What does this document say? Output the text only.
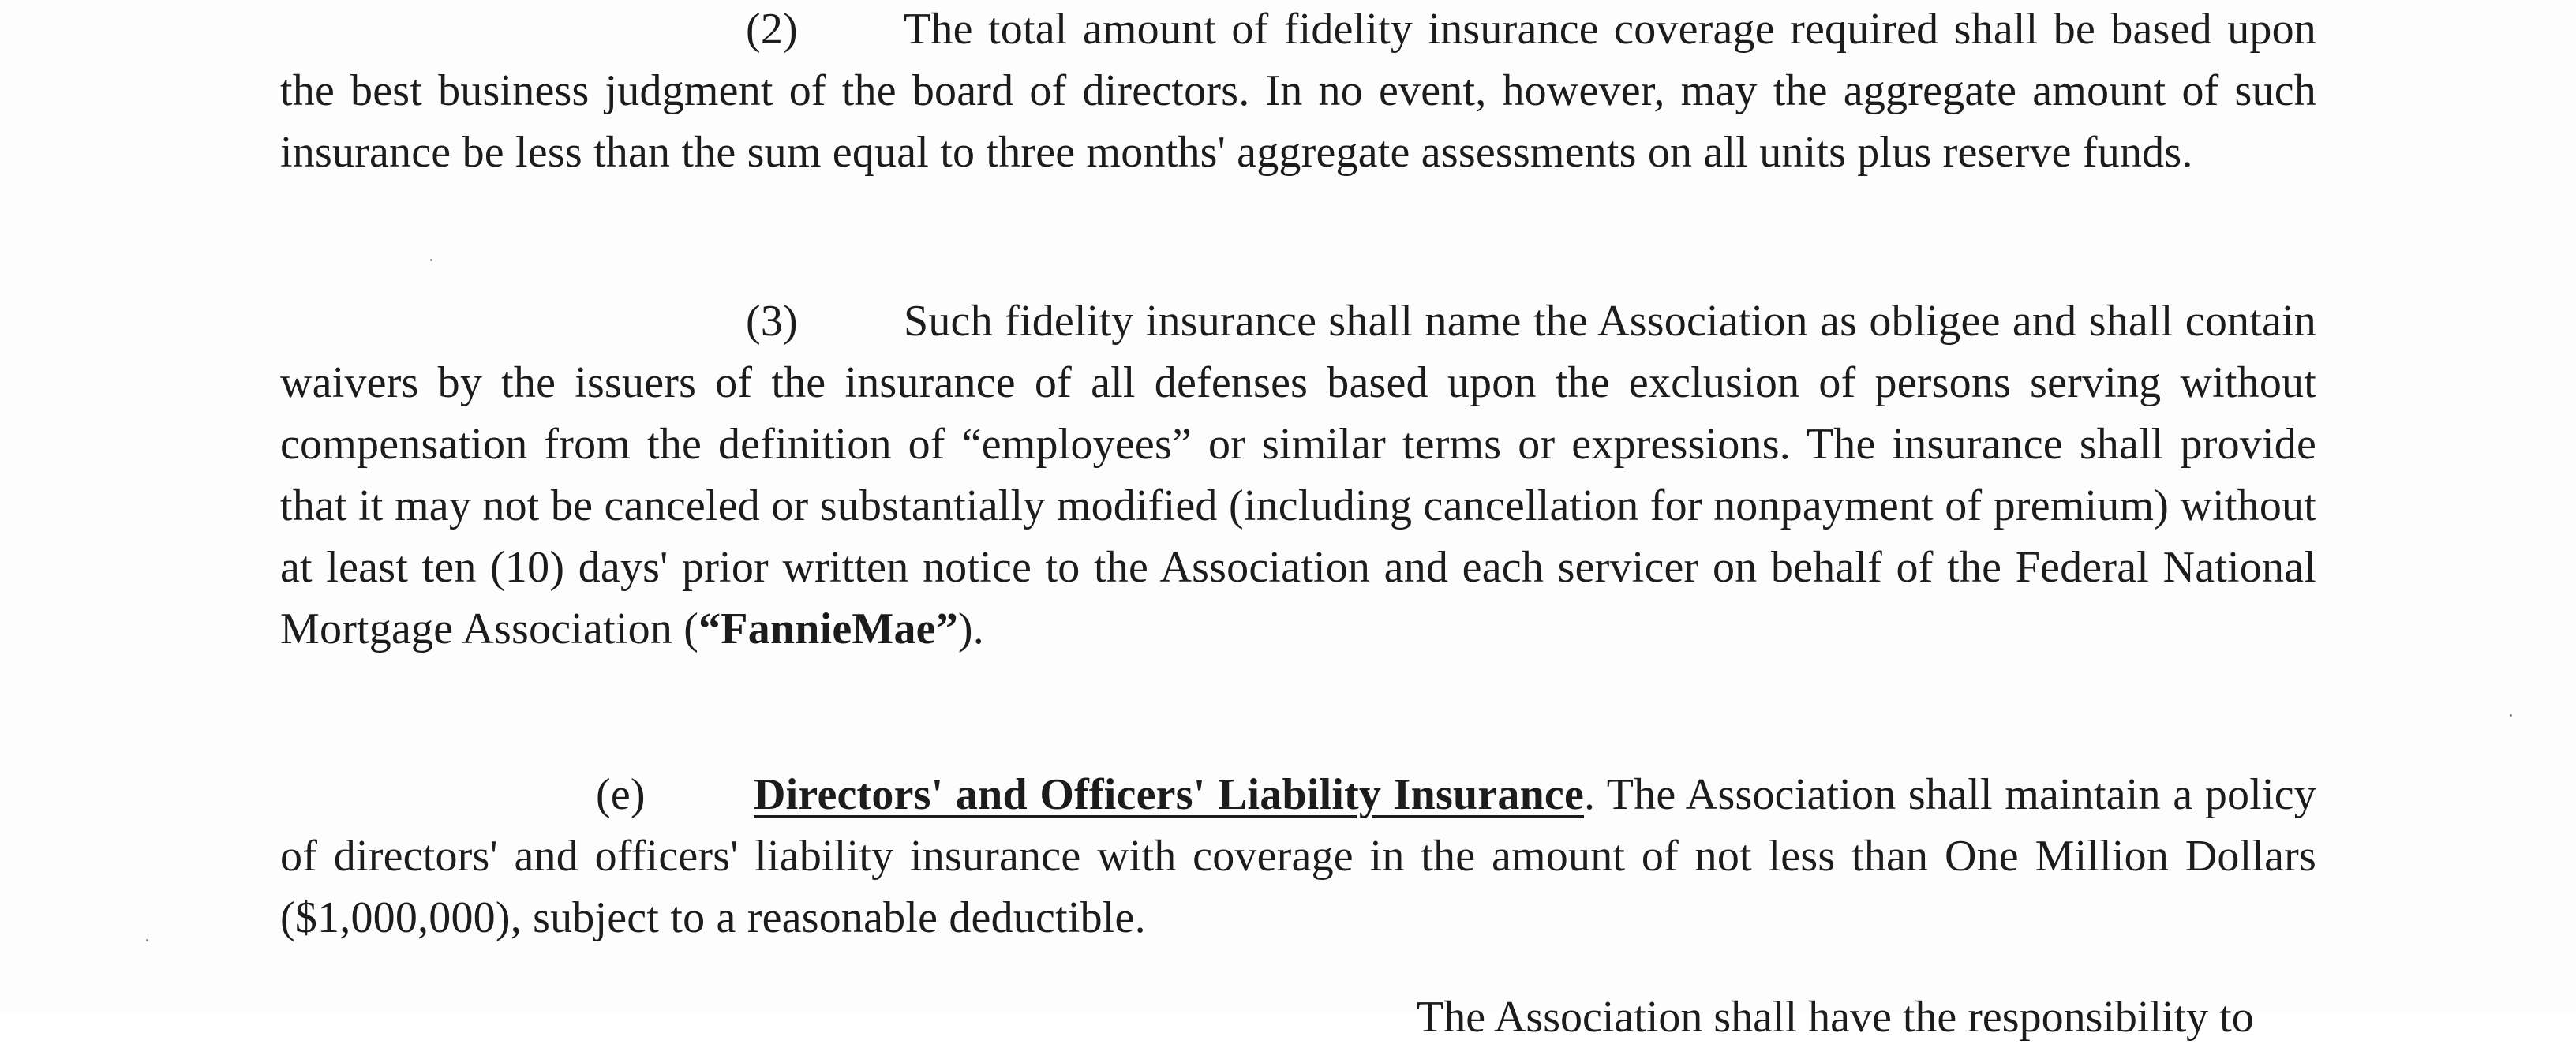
(2) The total amount of fidelity insurance coverage required shall be based upon the best business judgment of the board of directors. In no event, however, may the aggregate amount of such insurance be less than the sum equal to three months' aggregate assessments on all units plus reserve funds.

(3) Such fidelity insurance shall name the Association as obligee and shall contain waivers by the issuers of the insurance of all defenses based upon the exclusion of persons serving without compensation from the definition of “employees” or similar terms or expressions. The insurance shall provide that it may not be canceled or substantially modified (including cancellation for nonpayment of premium) without at least ten (10) days' prior written notice to the Association and each servicer on behalf of the Federal National Mortgage Association (“FannieMae”).

(e) Directors' and Officers' Liability Insurance. The Association shall maintain a policy of directors' and officers' liability insurance with coverage in the amount of not less than One Million Dollars ($1,000,000), subject to a reasonable deductible.

The Association shall have the responsibility to
